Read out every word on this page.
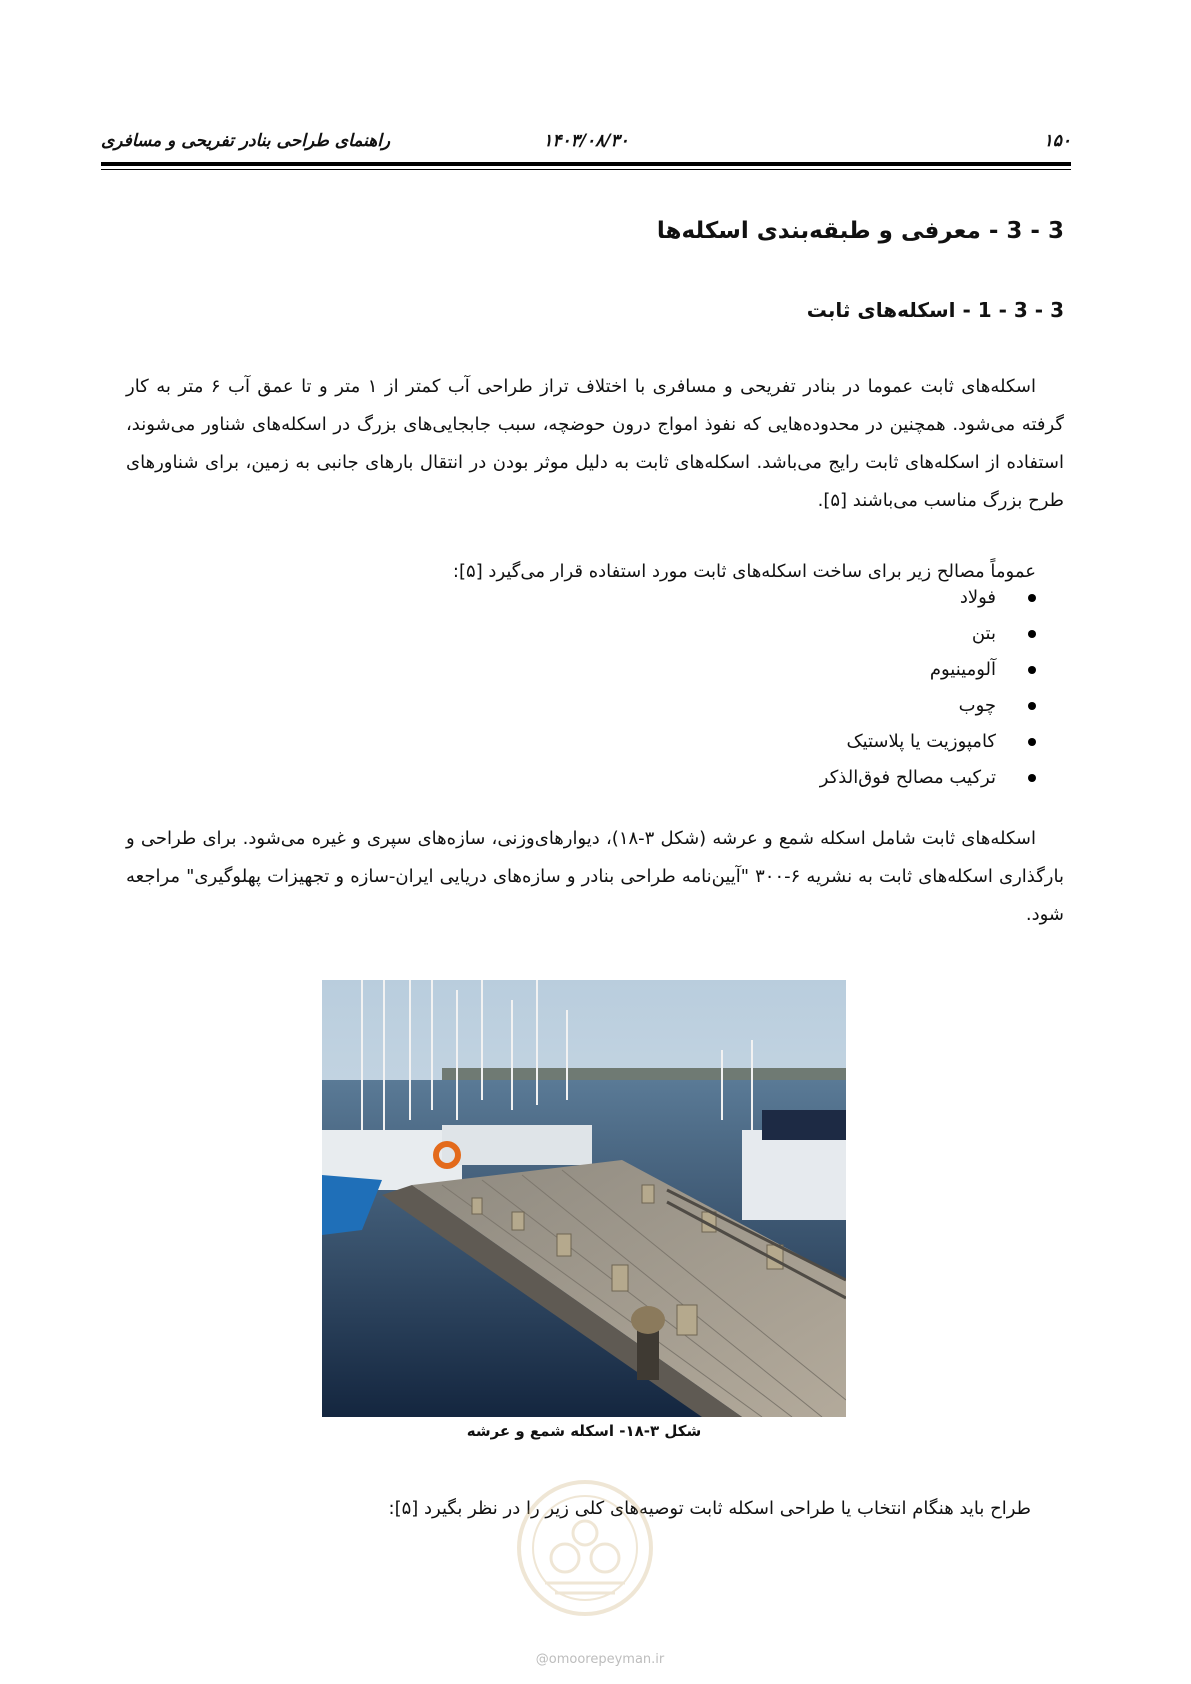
۱۵۰
۱۴۰۳/۰۸/۳۰
راهنمای طراحی بنادر تفریحی و مسافری
3 - 3 - معرفی و طبقه‌بندی اسکله‌ها
3 - 3 - 1 - اسکله‌های ثابت

اسکله‌های ثابت عموما در بنادر تفریحی و مسافری با اختلاف تراز طراحی آب کمتر از ۱ متر و تا عمق آب ۶ متر به کار گرفته می‌شود. همچنین در محدوده‌هایی که نفوذ امواج درون حوضچه، سبب جابجایی‌های بزرگ در اسکله‌های شناور می‌شوند، استفاده از اسکله‌های ثابت رایج می‌باشد. اسکله‌های ثابت به دلیل موثر بودن در انتقال بارهای جانبی به زمین، برای شناورهای طرح بزرگ مناسب می‌باشند [۵].

عموماً مصالح زیر برای ساخت اسکله‌های ثابت مورد استفاده قرار می‌گیرد [۵]:

فولاد
بتن
آلومینیوم
چوب
کامپوزیت یا پلاستیک
ترکیب مصالح فوق‌الذکر

اسکله‌های ثابت شامل اسکله شمع و عرشه (شکل ۳-۱۸)، دیوارهای‌وزنی، سازه‌های سپری و غیره می‌شود. برای طراحی و بارگذاری اسکله‌های ثابت به نشریه ۶-۳۰۰ "آیین‌نامه طراحی بنادر و سازه‌های دریایی ایران-سازه و تجهیزات پهلوگیری" مراجعه شود.

شکل ۳-۱۸- اسکله شمع و عرشه

طراح باید هنگام انتخاب یا طراحی اسکله ثابت توصیه‌های کلی زیر را در نظر بگیرد [۵]:

@omoorepeyman.ir
